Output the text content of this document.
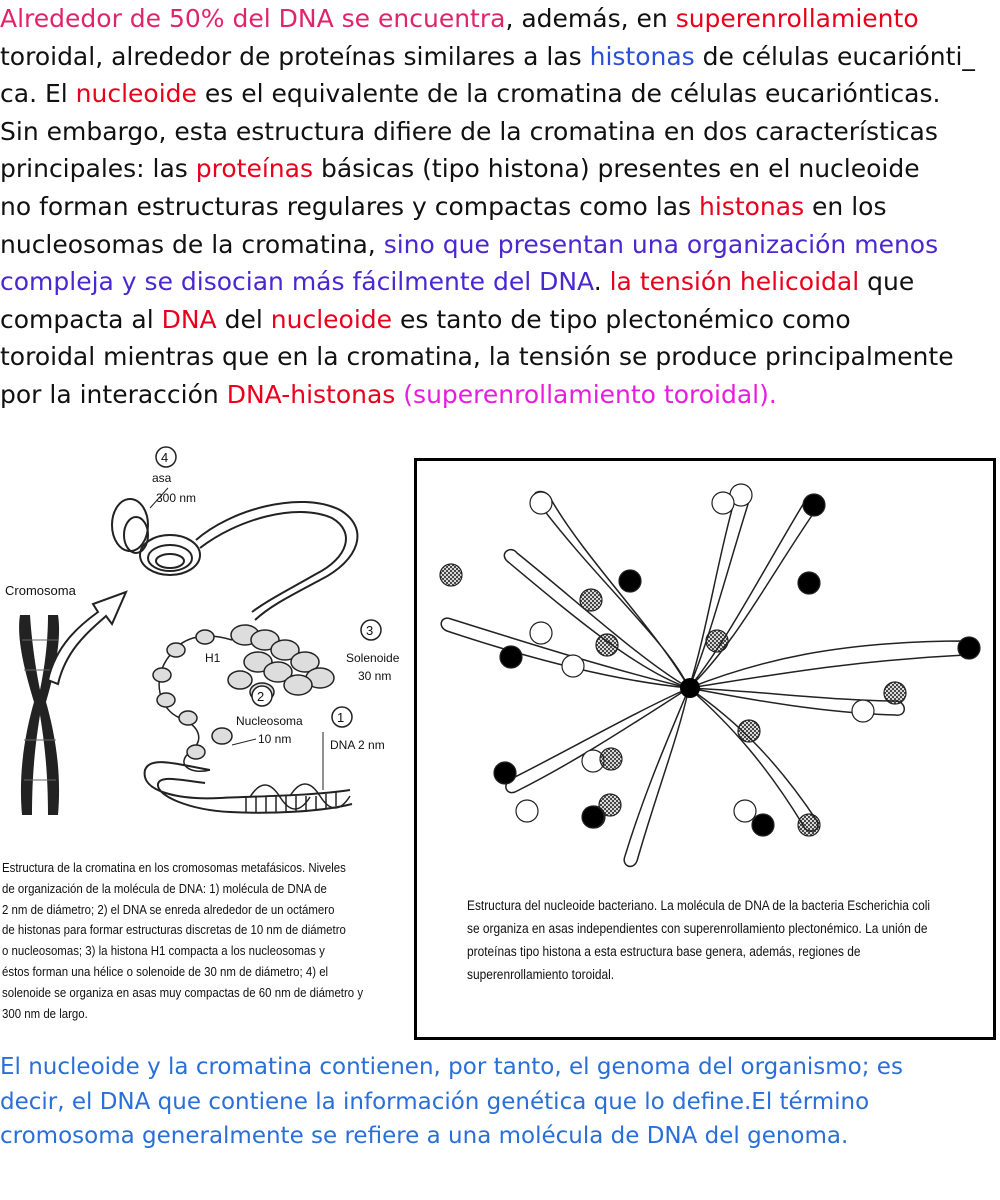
Alrededor de 50% del DNA se encuentra, además, en superenrollamiento
toroidal, alrededor de proteínas similares a las histonas de células eucariónti_
ca. El nucleoide es el equivalente de la cromatina de células eucariónticas.
Sin embargo, esta estructura difiere de la cromatina en dos características
principales: las proteínas básicas (tipo histona) presentes en el nucleoide
no forman estructuras regulares y compactas como las histonas en los
nucleosomas de la cromatina, sino que presentan una organización menos
compleja y se disocian más fácilmente del DNA. la tensión helicoidal que
compacta al DNA del nucleoide es tanto de tipo plectonémico como
toroidal mientras que en la cromatina, la tensión se produce principalmente
por la interacción DNA-histonas (superenrollamiento toroidal).
Cromosoma
4
asa
300 nm
3
Solenoide
30 nm
H1
2
Nucleosoma
10 nm
1
DNA 2 nm
Estructura de la cromatina en los cromosomas metafásicos. Niveles
de organización de la molécula de DNA: 1) molécula de DNA de
2 nm de diámetro; 2) el DNA se enreda alrededor de un octámero
de histonas para formar estructuras discretas de 10 nm de diámetro
o nucleosomas; 3) la histona H1 compacta a los nucleosomas y
éstos forman una hélice o solenoide de 30 nm de diámetro; 4) el
solenoide se organiza en asas muy compactas de 60 nm de diámetro y
300 nm de largo.
Estructura del nucleoide bacteriano. La molécula de DNA de la bacteria Escherichia coli
se organiza en asas independientes con superenrollamiento plectonémico. La unión de
proteínas tipo histona a esta estructura base genera, además, regiones de
superenrollamiento toroidal.
El nucleoide y la cromatina contienen, por tanto, el genoma del organismo; es
decir, el DNA que contiene la información genética que lo define.El término
cromosoma generalmente se refiere a una molécula de DNA del genoma.
